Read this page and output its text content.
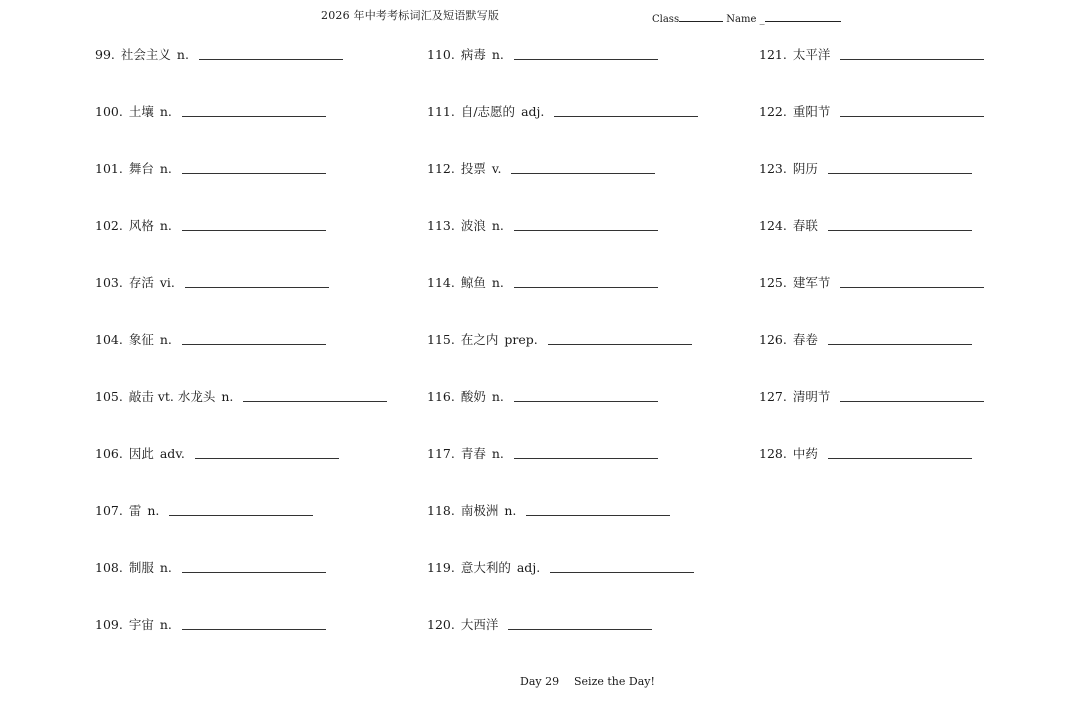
2026 年中考考标词汇及短语默写版	Class	Name _
99. 社会主义 n.
100. 土壤 n.
101. 舞台 n.
102. 风格 n.
103. 存活 vi.
104. 象征 n.
105. 敲击 vt. 水龙头 n.
106. 因此 adv.
107. 雷 n.
108. 制服 n.
109. 宇宙 n.
110. 病毒 n.
111. 自/志愿的 adj.
112. 投票 v.
113. 波浪 n.
114. 鲸鱼 n.
115. 在之内 prep.
116. 酸奶 n.
117. 青春 n.
118. 南极洲 n.
119. 意大利的 adj.
120. 大西洋
121. 太平洋
122. 重阳节
123. 阴历
124. 春联
125. 建军节
126. 春卷
127. 清明节
128. 中药
Day 29 Seize the Day!
